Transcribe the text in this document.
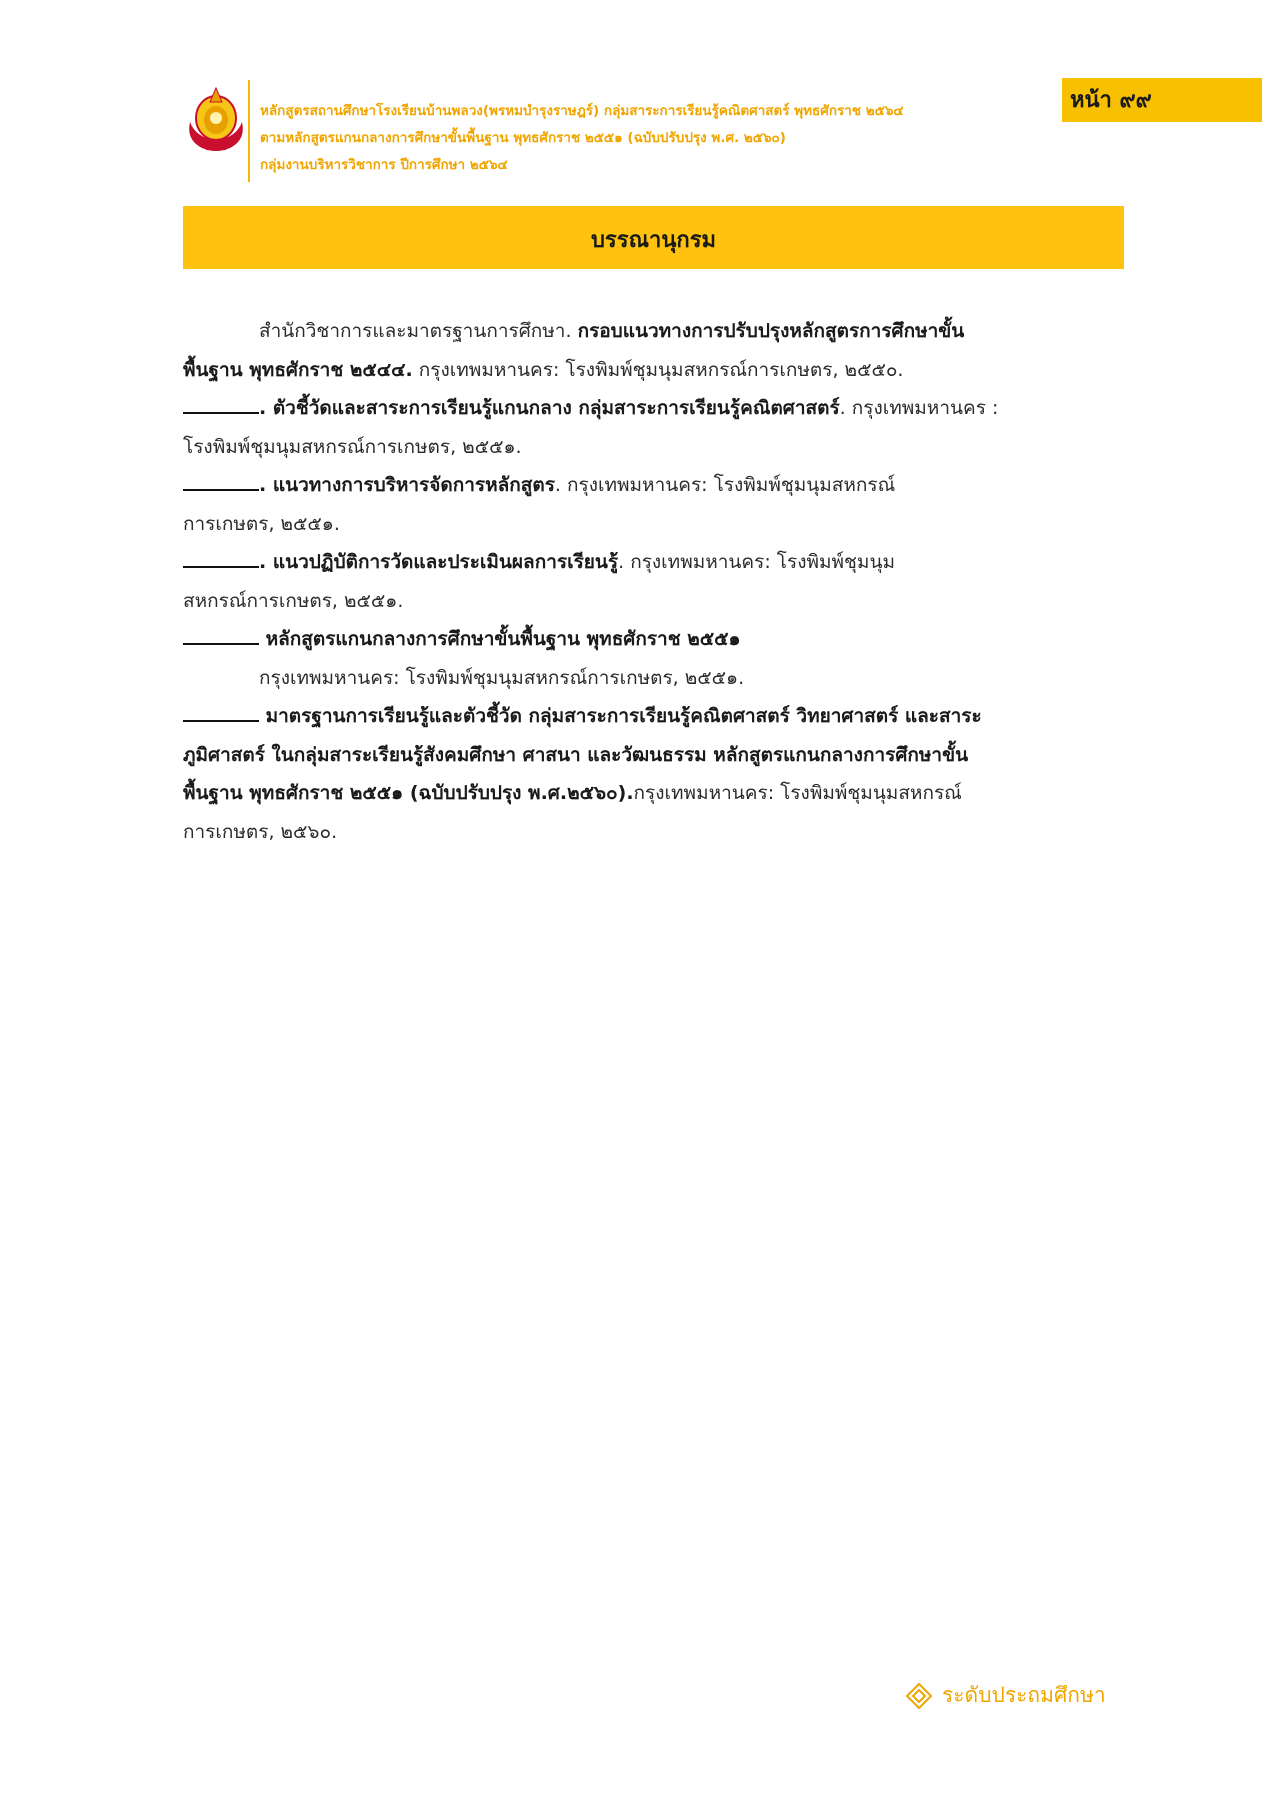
หลักสูตรสถานศึกษาโรงเรียนบ้านพลวง(พรหมบำรุงราษฎร์) กลุ่มสาระการเรียนรู้คณิตศาสตร์ พุทธศักราช ๒๕๖๔
ตามหลักสูตรแกนกลางการศึกษาขั้นพื้นฐาน พุทธศักราช ๒๕๕๑ (ฉบับปรับปรุง พ.ศ. ๒๕๖๐)
กลุ่มงานบริหารวิชาการ ปีการศึกษา ๒๕๖๔
หน้า ๙๙
บรรณานุกรม
สำนักวิชาการและมาตรฐานการศึกษา. กรอบแนวทางการปรับปรุงหลักสูตรการศึกษาขั้น
พื้นฐาน พุทธศักราช ๒๕๔๔. กรุงเทพมหานคร: โรงพิมพ์ชุมนุมสหกรณ์การเกษตร, ๒๕๕๐.
. ตัวชี้วัดและสาระการเรียนรู้แกนกลาง กลุ่มสาระการเรียนรู้คณิตศาสตร์. กรุงเทพมหานคร :
โรงพิมพ์ชุมนุมสหกรณ์การเกษตร, ๒๕๕๑.
. แนวทางการบริหารจัดการหลักสูตร. กรุงเทพมหานคร: โรงพิมพ์ชุมนุมสหกรณ์
การเกษตร, ๒๕๕๑.
. แนวปฏิบัติการวัดและประเมินผลการเรียนรู้. กรุงเทพมหานคร: โรงพิมพ์ชุมนุม
สหกรณ์การเกษตร, ๒๕๕๑.
หลักสูตรแกนกลางการศึกษาขั้นพื้นฐาน พุทธศักราช ๒๕๕๑
กรุงเทพมหานคร: โรงพิมพ์ชุมนุมสหกรณ์การเกษตร, ๒๕๕๑.
มาตรฐานการเรียนรู้และตัวชี้วัด กลุ่มสาระการเรียนรู้คณิตศาสตร์ วิทยาศาสตร์ และสาระ
ภูมิศาสตร์ ในกลุ่มสาระเรียนรู้สังคมศึกษา ศาสนา และวัฒนธรรม หลักสูตรแกนกลางการศึกษาขั้น
พื้นฐาน พุทธศักราช ๒๕๕๑ (ฉบับปรับปรุง พ.ศ.๒๕๖๐).กรุงเทพมหานคร: โรงพิมพ์ชุมนุมสหกรณ์
การเกษตร, ๒๕๖๐.
ระดับประถมศึกษา
